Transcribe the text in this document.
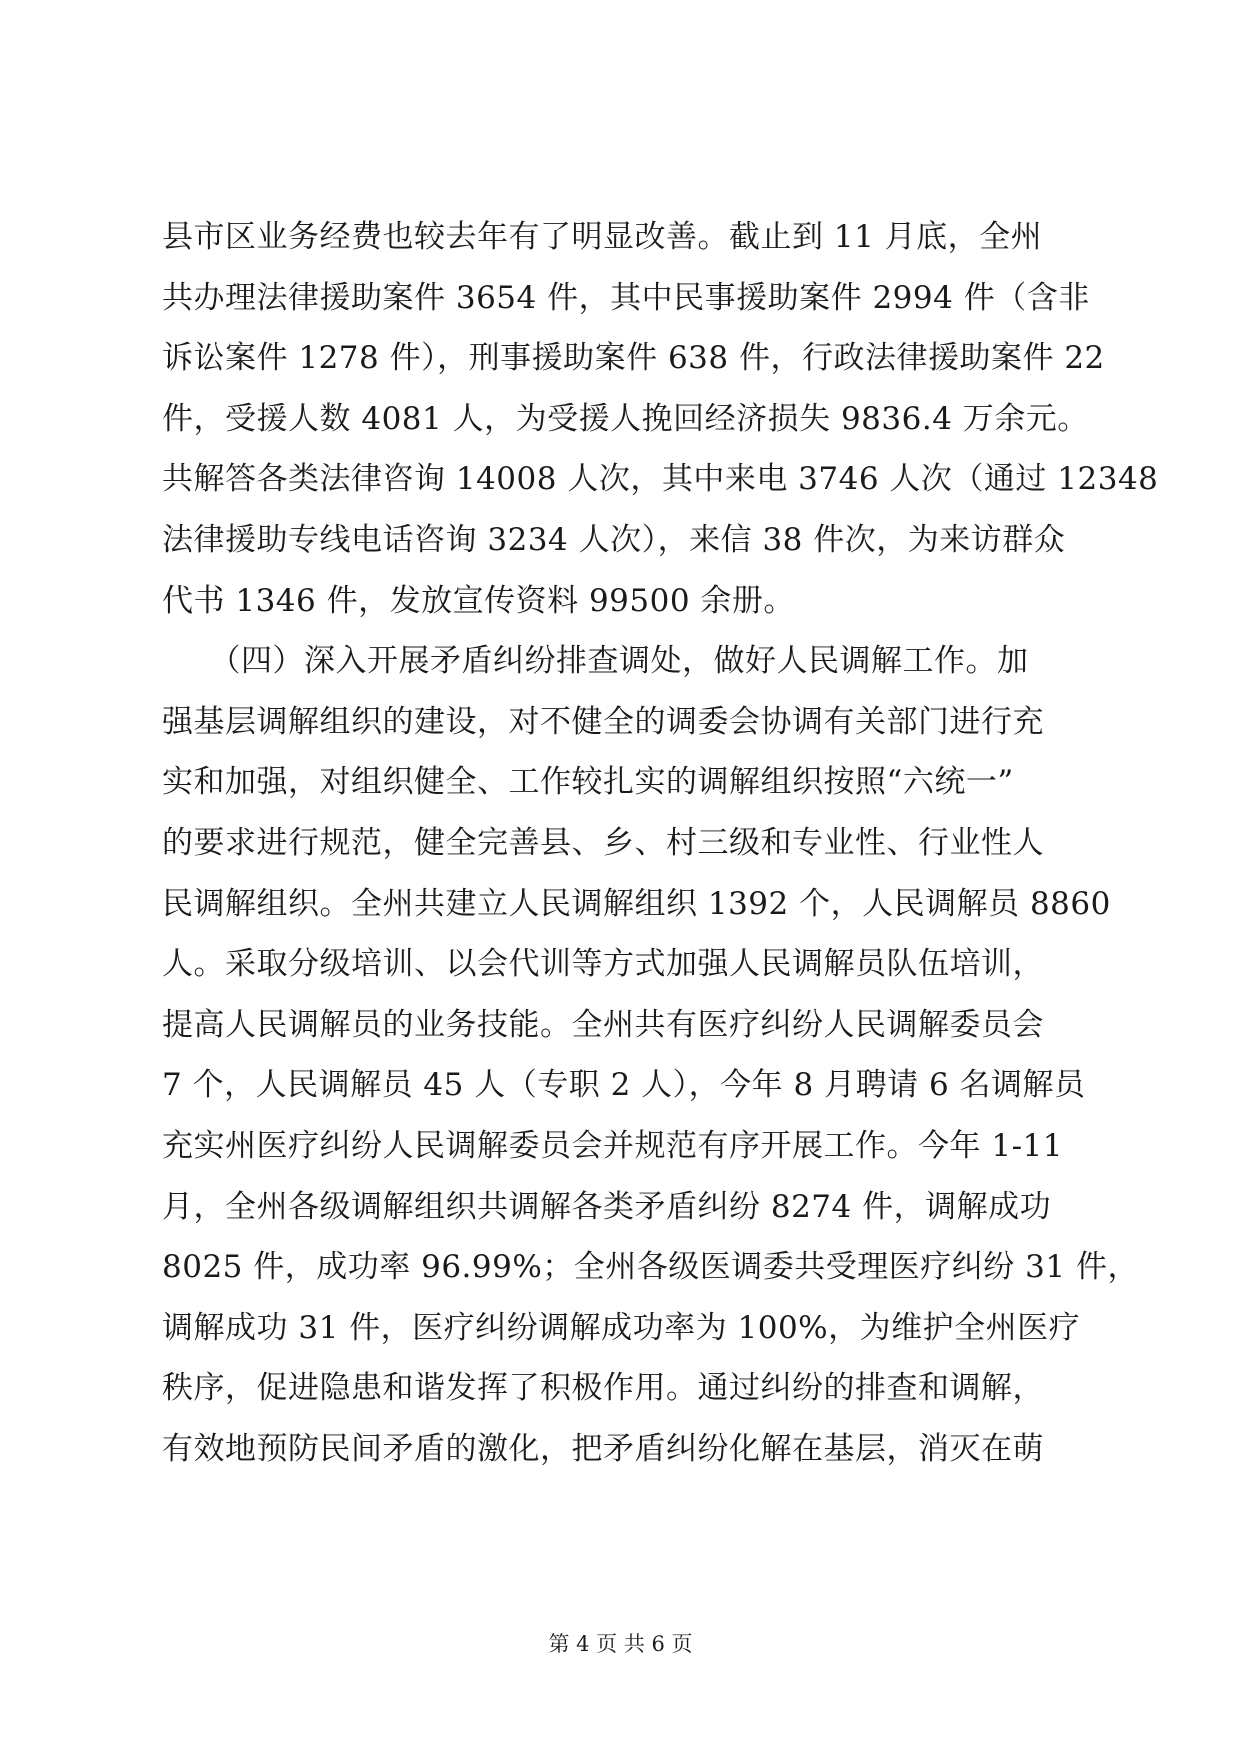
县市区业务经费也较去年有了明显改善。截止到 11 月底，全州
共办理法律援助案件 3654 件，其中民事援助案件 2994 件（含非
诉讼案件 1278 件），刑事援助案件 638 件，行政法律援助案件 22
件，受援人数 4081 人，为受援人挽回经济损失 9836.4 万余元。
共解答各类法律咨询 14008 人次，其中来电 3746 人次（通过 12348
法律援助专线电话咨询 3234 人次），来信 38 件次，为来访群众
代书 1346 件，发放宣传资料 99500 余册。
　　（四）深入开展矛盾纠纷排查调处，做好人民调解工作。加
强基层调解组织的建设，对不健全的调委会协调有关部门进行充
实和加强，对组织健全、工作较扎实的调解组织按照“六统一”
的要求进行规范，健全完善县、乡、村三级和专业性、行业性人
民调解组织。全州共建立人民调解组织 1392 个，人民调解员 8860
人。采取分级培训、以会代训等方式加强人民调解员队伍培训，
提高人民调解员的业务技能。全州共有医疗纠纷人民调解委员会
7 个，人民调解员 45 人（专职 2 人），今年 8 月聘请 6 名调解员
充实州医疗纠纷人民调解委员会并规范有序开展工作。今年 1-11
月，全州各级调解组织共调解各类矛盾纠纷 8274 件，调解成功
8025 件，成功率 96.99%；全州各级医调委共受理医疗纠纷 31 件，
调解成功 31 件，医疗纠纷调解成功率为 100%，为维护全州医疗
秩序，促进隐患和谐发挥了积极作用。通过纠纷的排查和调解，
有效地预防民间矛盾的激化，把矛盾纠纷化解在基层，消灭在萌
第 4 页 共 6 页
